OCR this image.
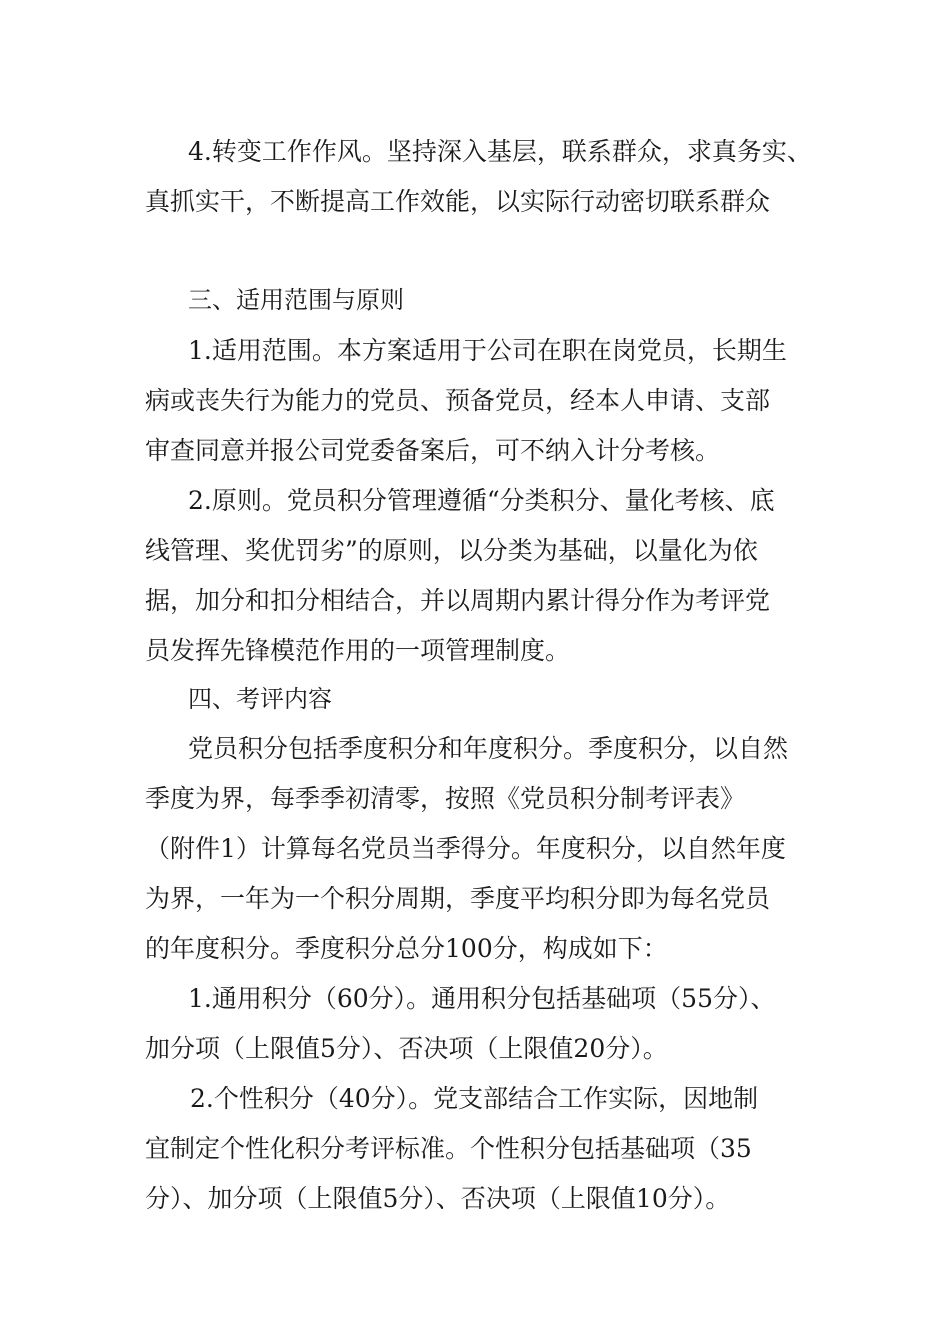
4.转变工作作风。坚持深入基层，联系群众，求真务实、
真抓实干，不断提高工作效能，以实际行动密切联系群众
三、适用范围与原则
1.适用范围。本方案适用于公司在职在岗党员，长期生
病或丧失行为能力的党员、预备党员，经本人申请、支部
审查同意并报公司党委备案后，可不纳入计分考核。
2.原则。党员积分管理遵循“分类积分、量化考核、底
线管理、奖优罚劣”的原则，以分类为基础，以量化为依
据，加分和扣分相结合，并以周期内累计得分作为考评党
员发挥先锋模范作用的一项管理制度。
四、考评内容
党员积分包括季度积分和年度积分。季度积分，以自然
季度为界，每季季初清零，按照《党员积分制考评表》
（附件1）计算每名党员当季得分。年度积分，以自然年度
为界，一年为一个积分周期，季度平均积分即为每名党员
的年度积分。季度积分总分100分，构成如下：
1.通用积分（60分）。通用积分包括基础项（55分）、
加分项（上限值5分）、否决项（上限值20分）。
2.个性积分（40分）。党支部结合工作实际，因地制
宜制定个性化积分考评标准。个性积分包括基础项（35
分）、加分项（上限值5分）、否决项（上限值10分）。
